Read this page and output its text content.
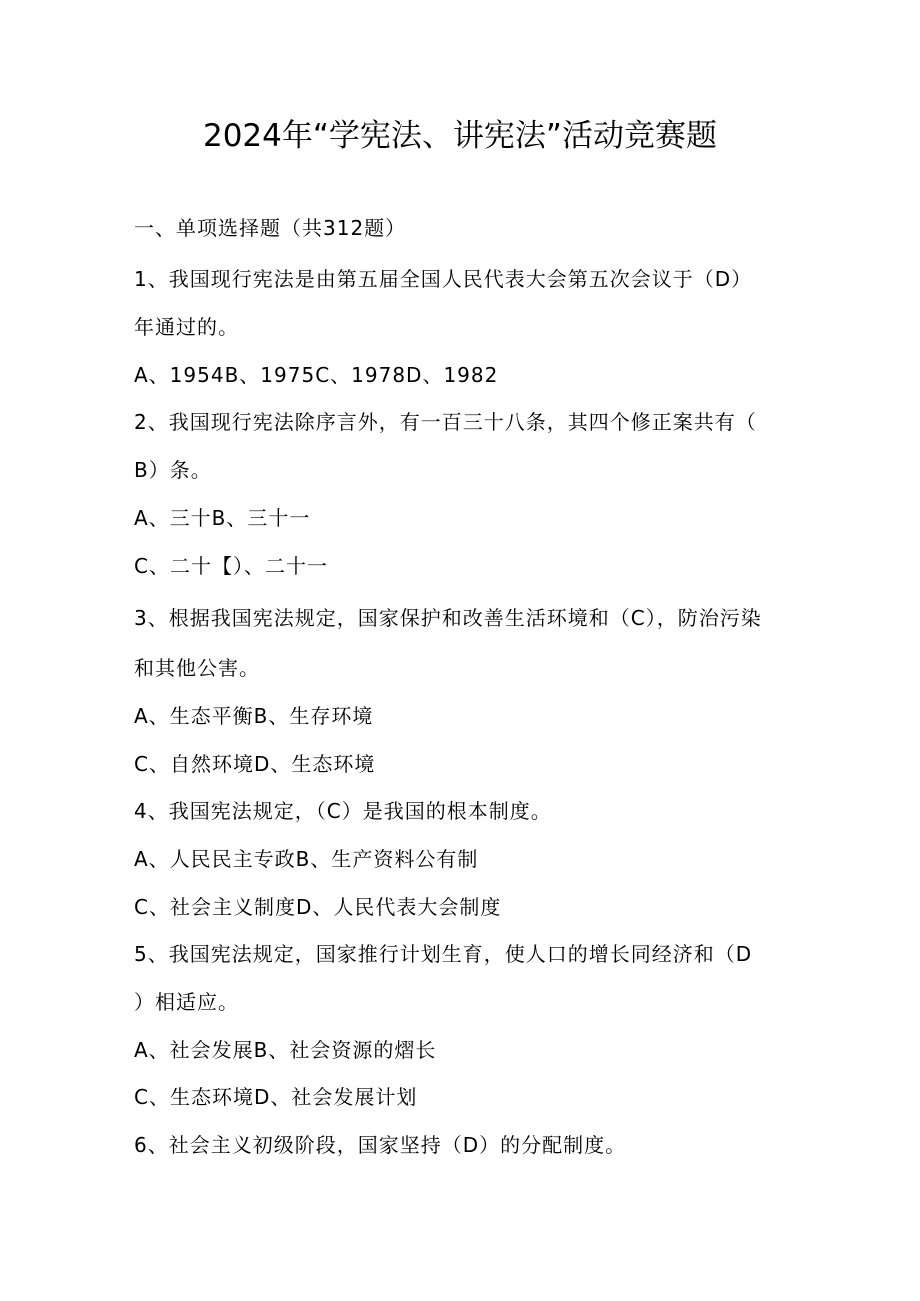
2024年“学宪法、讲宪法”活动竞赛题
一、单项选择题（共312题）
1、我国现行宪法是由第五届全国人民代表大会第五次会议于（D）
年通过的。
A、1954B、1975C、1978D、1982
2、我国现行宪法除序言外，有一百三十八条，其四个修正案共有（
B）条。
A、三十B、三十一
C、二十【）、二十一
3、根据我国宪法规定，国家保护和改善生活环境和（C），防治污染
和其他公害。
A、生态平衡B、生存环境
C、自然环境D、生态环境
4、我国宪法规定，（C）是我国的根本制度。
A、人民民主专政B、生产资料公有制
C、社会主义制度D、人民代表大会制度
5、我国宪法规定，国家推行计划生育，使人口的增长同经济和（D
）相适应。
A、社会发展B、社会资源的熠长
C、生态环境D、社会发展计划
6、社会主义初级阶段，国家坚持（D）的分配制度。
